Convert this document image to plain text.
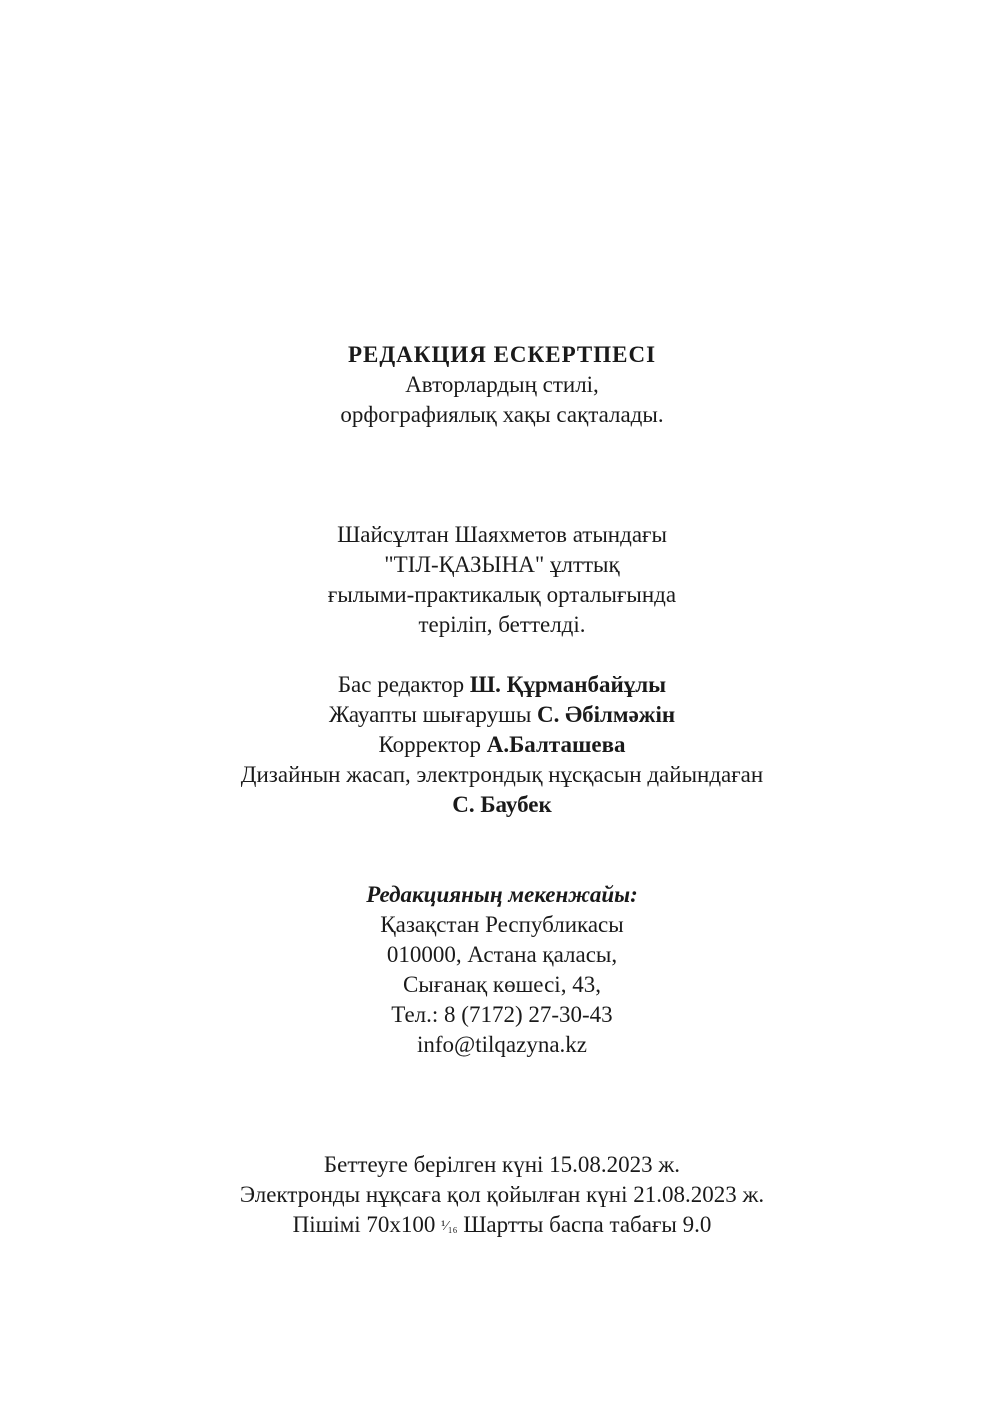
РЕДАКЦИЯ ЕСКЕРТПЕСІ
Авторлардың стилі,
орфографиялық хақы сақталады.
Шайсұлтан Шаяхметов атындағы
"ТІЛ-ҚАЗЫНА" ұлттық
ғылыми-практикалық орталығында
терiлiп, беттелдi.
Бас редактор Ш. Құрманбайұлы
Жауапты шығарушы С. Әбілмәжін
Корректор А.Балташева
Дизайнын жасап, электрондық нұсқасын дайындаған
С. Баубек
Редакцияның мекенжайы:
Қазақстан Республикасы
010000, Астана қаласы,
Сығанақ көшесі, 43,
Тел.: 8 (7172) 27-30-43
info@tilqazyna.kz
Беттеуге берілген күні 15.08.2023 ж.
Электронды нұқсаға қол қойылған күні 21.08.2023 ж.
Пішімі 70x100 ¹⁄₁₆ Шартты баспа табағы 9.0
